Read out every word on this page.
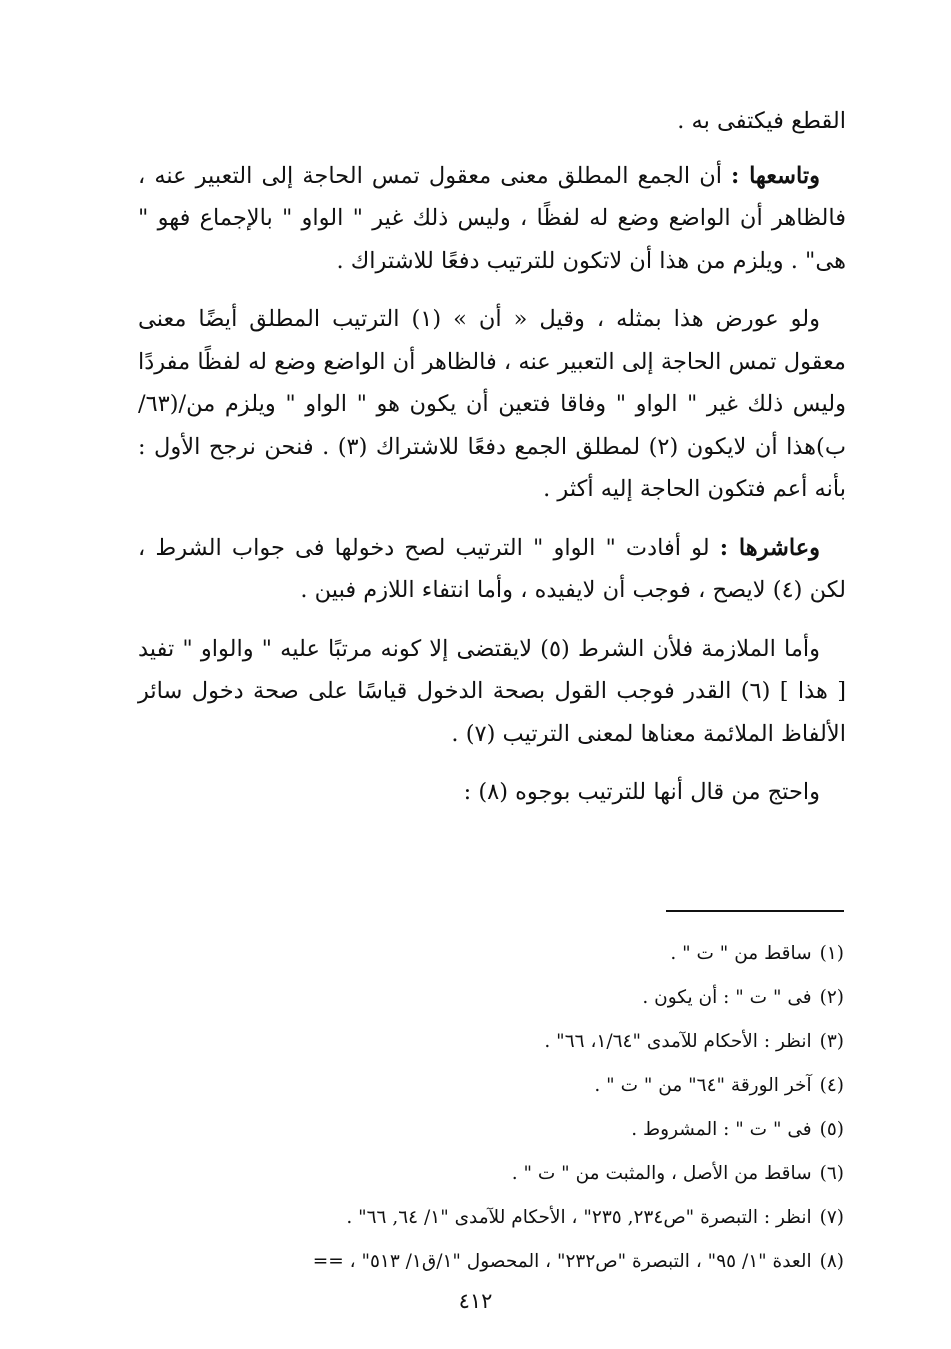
القطع فيكتفى به .

وتاسعها : أن الجمع المطلق معنى معقول تمس الحاجة إلى التعبير عنه ، فالظاهر أن الواضع وضع له لفظًا ، وليس ذلك غير " الواو " بالإجماع فهو " هى" . ويلزم من هذا أن لاتكون للترتيب دفعًا للاشتراك .

ولو عورض هذا بمثله ، وقيل « أن » (١) الترتيب المطلق أيضًا معنى معقول تمس الحاجة إلى التعبير عنه ، فالظاهر أن الواضع وضع له لفظًا مفردًا وليس ذلك غير " الواو " وفاقا فتعين أن يكون هو " الواو " ويلزم من/(٦٣/ب)هذا أن لايكون (٢) لمطلق الجمع دفعًا للاشتراك (٣) . فنحن نرجح الأول : بأنه أعم فتكون الحاجة إليه أكثر .

وعاشرها : لو أفادت " الواو " الترتيب لصح دخولها فى جواب الشرط ، لكن (٤) لايصح ، فوجب أن لايفيده ، وأما انتفاء اللازم فبين .

وأما الملازمة فلأن الشرط (٥) لايقتضى إلا كونه مرتبًا عليه " والواو " تفيد [ هذا ] (٦) القدر فوجب القول بصحة الدخول قياسًا على صحة دخول سائر الألفاظ الملائمة معناها لمعنى الترتيب (٧) .

واحتج من قال أنها للترتيب بوجوه (٨) :

(١)ساقط من " ت " .
(٢)فى " ت " : أن يكون .
(٣)انظر : الأحكام للآمدى "١/٦٤، ٦٦" .
(٤)آخر الورقة "٦٤" من " ت " .
(٥)فى " ت " : المشروط .
(٦)ساقط من الأصل ، والمثبت من " ت " .
(٧)انظر : التبصرة "ص٢٣٤, ٢٣٥" ، الأحكام للآمدى "١/ ٦٤, ٦٦" .
(٨)العدة "١/ ٩٥" ، التبصرة "ص٢٣٢" ، المحصول "١/ق١/ ٥١٣" ، ==
٤١٢
